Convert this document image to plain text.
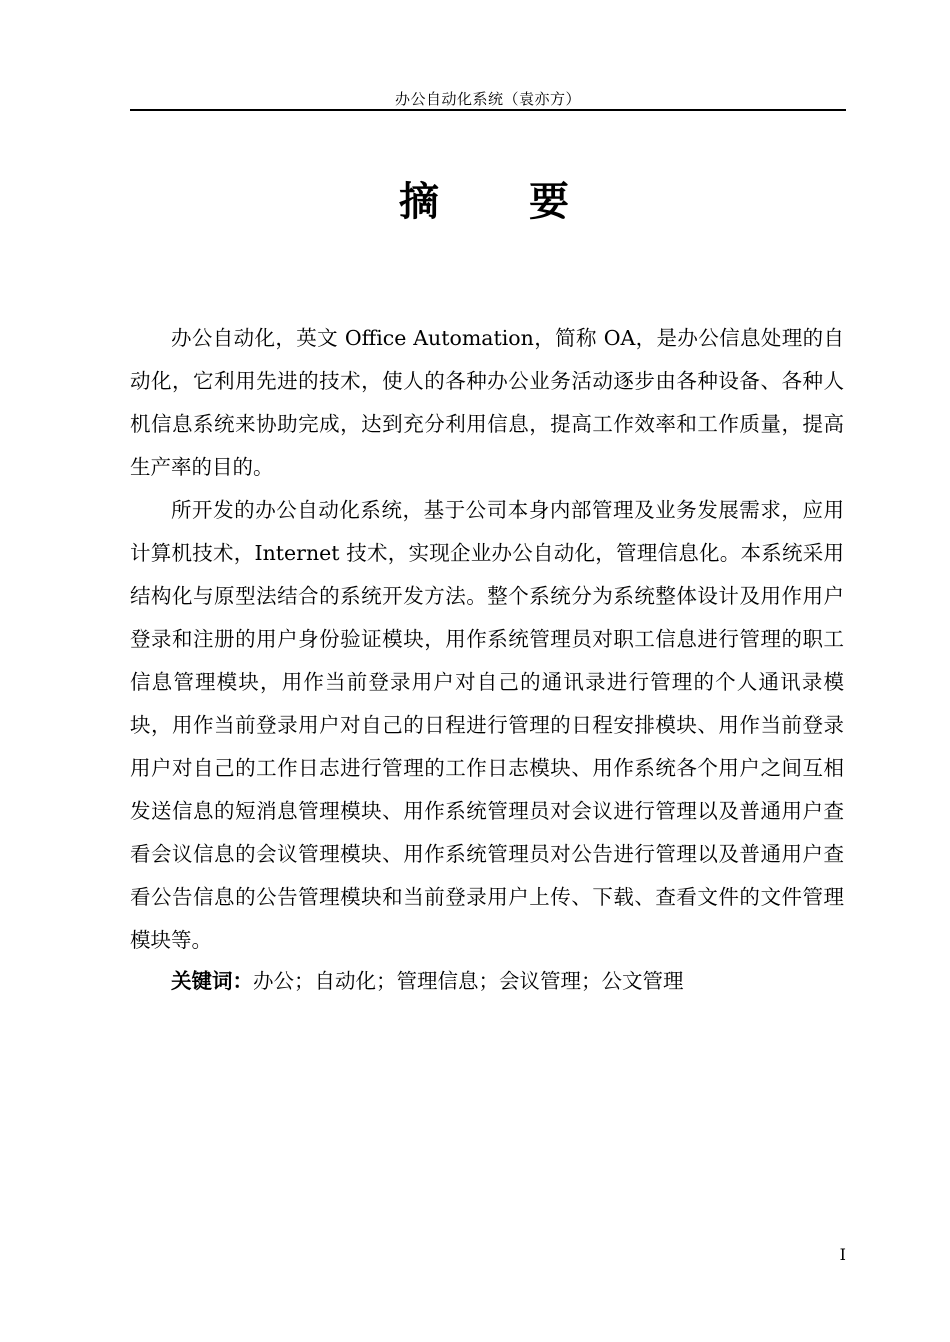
办公自动化系统（袁亦方）
摘 要

办公自动化，英文 Office Automation，简称 OA，是办公信息处理的自动化，它利用先进的技术，使人的各种办公业务活动逐步由各种设备、各种人机信息系统来协助完成，达到充分利用信息，提高工作效率和工作质量，提高生产率的目的。

所开发的办公自动化系统，基于公司本身内部管理及业务发展需求，应用计算机技术，Internet 技术，实现企业办公自动化，管理信息化。本系统采用结构化与原型法结合的系统开发方法。整个系统分为系统整体设计及用作用户登录和注册的用户身份验证模块，用作系统管理员对职工信息进行管理的职工信息管理模块，用作当前登录用户对自己的通讯录进行管理的个人通讯录模块，用作当前登录用户对自己的日程进行管理的日程安排模块、用作当前登录用户对自己的工作日志进行管理的工作日志模块、用作系统各个用户之间互相发送信息的短消息管理模块、用作系统管理员对会议进行管理以及普通用户查看会议信息的会议管理模块、用作系统管理员对公告进行管理以及普通用户查看公告信息的公告管理模块和当前登录用户上传、下载、查看文件的文件管理模块等。

关键词：办公；自动化；管理信息；会议管理；公文管理
I
